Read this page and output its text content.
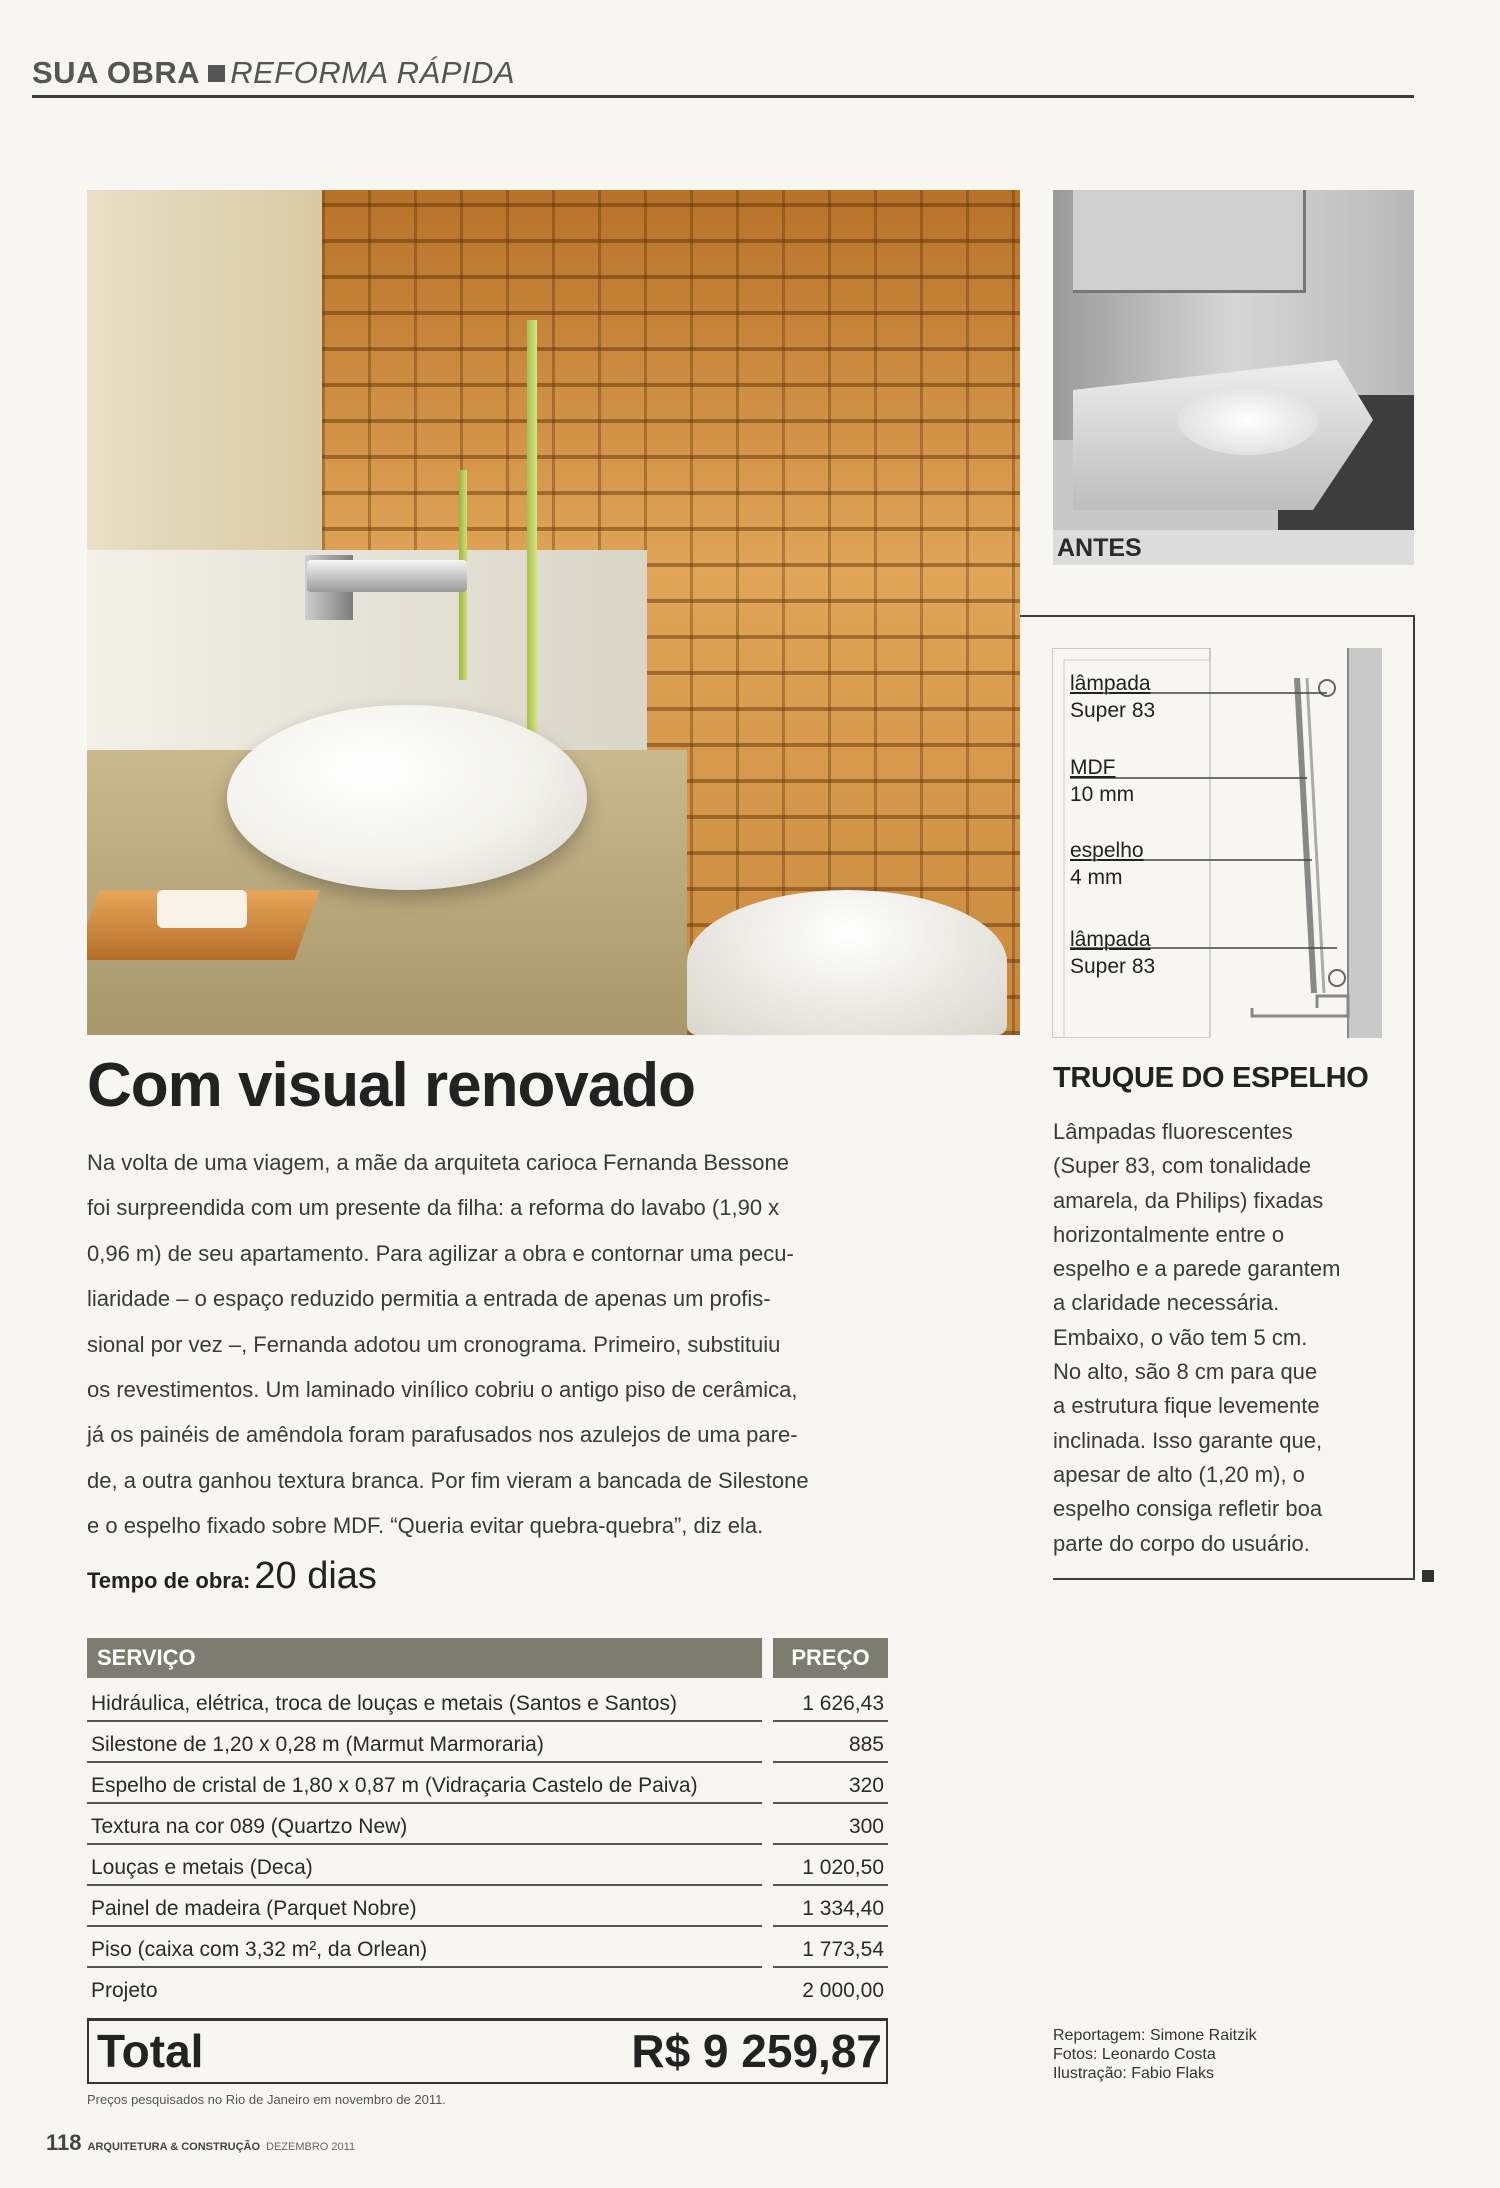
SUA OBRA REFORMA RÁPIDA
ANTES
lâmpada
Super 83
MDF
10 mm
espelho
4 mm
lâmpada
Super 83
TRUQUE DO ESPELHO
Lâmpadas fluorescentes
(Super 83, com tonalidade
amarela, da Philips) fixadas
horizontalmente entre o
espelho e a parede garantem
a claridade necessária.
Embaixo, o vão tem 5 cm.
No alto, são 8 cm para que
a estrutura fique levemente
inclinada. Isso garante que,
apesar de alto (1,20 m), o
espelho consiga refletir boa
parte do corpo do usuário.
Com visual renovado
Na volta de uma viagem, a mãe da arquiteta carioca Fernanda Bessone
foi surpreendida com um presente da filha: a reforma do lavabo (1,90 x
0,96 m) de seu apartamento. Para agilizar a obra e contornar uma pecu-
liaridade – o espaço reduzido permitia a entrada de apenas um profis-
sional por vez –, Fernanda adotou um cronograma. Primeiro, substituiu
os revestimentos. Um laminado vinílico cobriu o antigo piso de cerâmica,
já os painéis de amêndola foram parafusados nos azulejos de uma pare-
de, a outra ganhou textura branca. Por fim vieram a bancada de Silestone
e o espelho fixado sobre MDF. “Queria evitar quebra-quebra”, diz ela.
Tempo de obra: 20 dias
SERVIÇO	PREÇO
Hidráulica, elétrica, troca de louças e metais (Santos e Santos)	1 626,43
Silestone de 1,20 x 0,28 m (Marmut Marmoraria)	885
Espelho de cristal de 1,80 x 0,87 m (Vidraçaria Castelo de Paiva)	320
Textura na cor 089 (Quartzo New)	300
Louças e metais (Deca)	1 020,50
Painel de madeira (Parquet Nobre)	1 334,40
Piso (caixa com 3,32 m², da Orlean)	1 773,54
Projeto	2 000,00
Total	R$ 9 259,87
Preços pesquisados no Rio de Janeiro em novembro de 2011.
Reportagem: Simone Raitzik
Fotos: Leonardo Costa
Ilustração: Fabio Flaks
118 ARQUITETURA & CONSTRUÇÃO DEZEMBRO 2011
